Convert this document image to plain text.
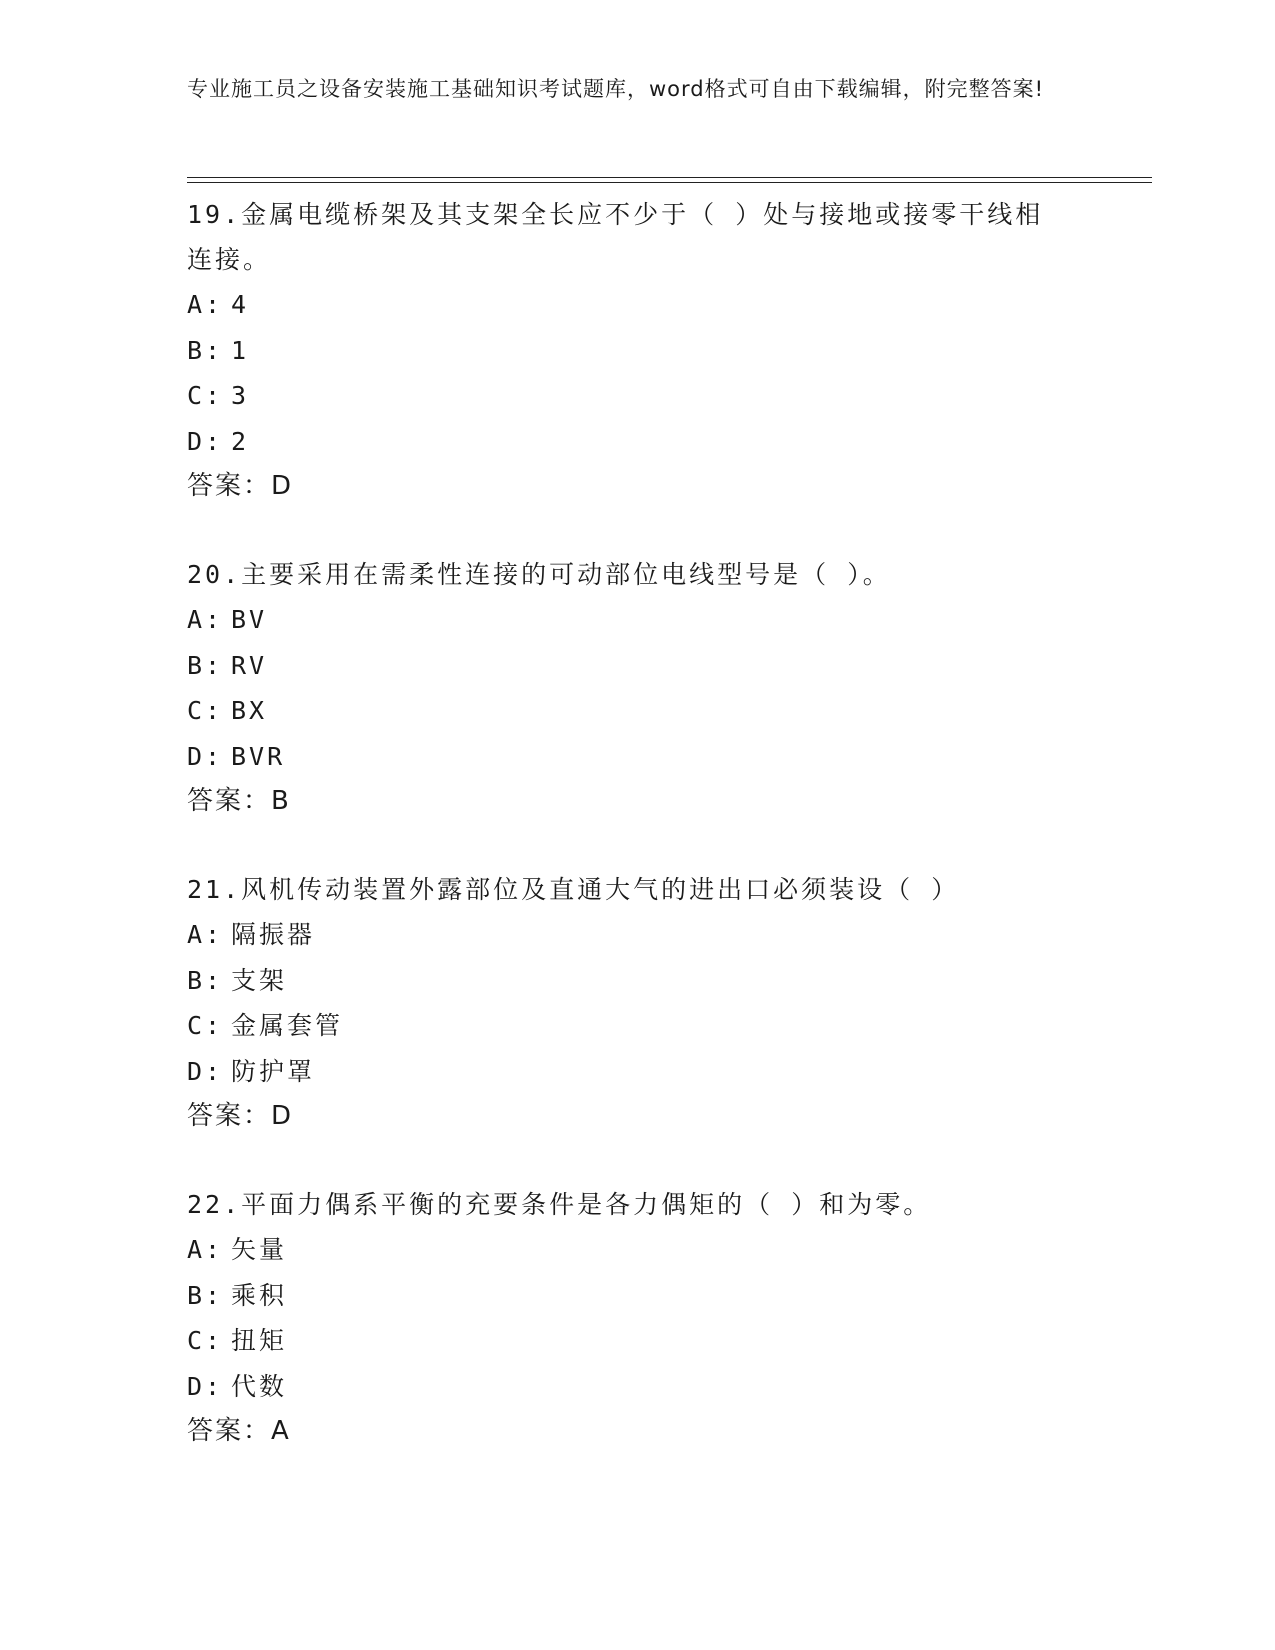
专业施工员之设备安装施工基础知识考试题库，word格式可自由下载编辑，附完整答案!
19.金属电缆桥架及其支架全长应不少于（ ）处与接地或接零干线相连接。
A: 4
B: 1
C: 3
D: 2
答案：D
20.主要采用在需柔性连接的可动部位电线型号是（ ）。
A: BV
B: RV
C: BX
D: BVR
答案：B
21.风机传动装置外露部位及直通大气的进出口必须装设（ ）
A: 隔振器
B: 支架
C: 金属套管
D: 防护罩
答案：D
22.平面力偶系平衡的充要条件是各力偶矩的（ ）和为零。
A: 矢量
B: 乘积
C: 扭矩
D: 代数
答案：A
